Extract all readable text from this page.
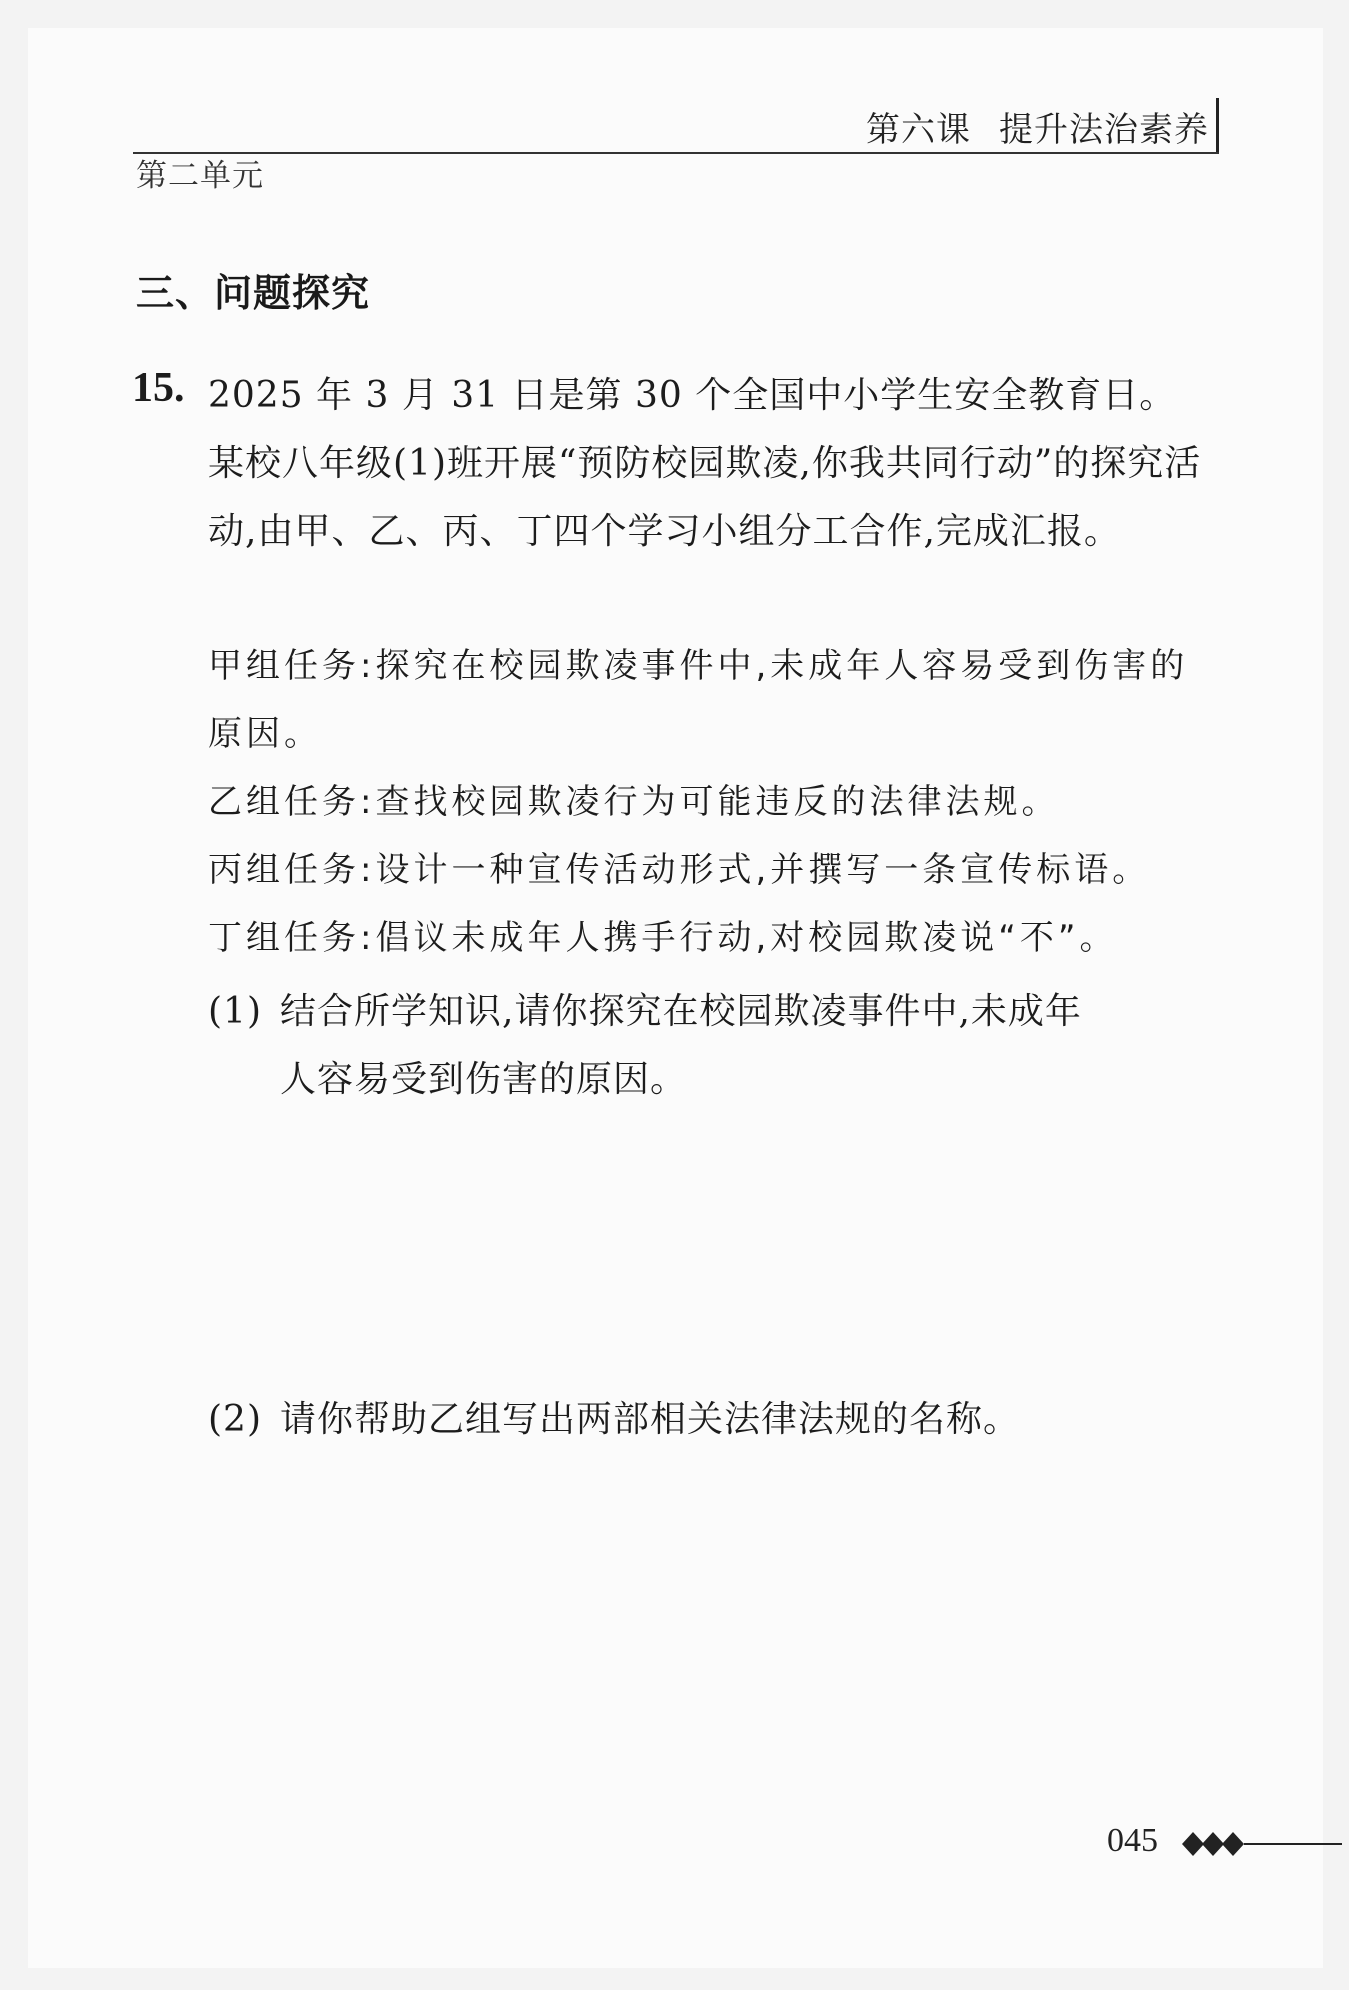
第六课 提升法治素养
第二单元
三、问题探究
15. 2025 年 3 月 31 日是第 30 个全国中小学生安全教育日。某校八年级(1)班开展“预防校园欺凌,你我共同行动”的探究活动,由甲、乙、丙、丁四个学习小组分工合作,完成汇报。
甲组任务:探究在校园欺凌事件中,未成年人容易受到伤害的原因。
乙组任务:查找校园欺凌行为可能违反的法律法规。
丙组任务:设计一种宣传活动形式,并撰写一条宣传标语。
丁组任务:倡议未成年人携手行动,对校园欺凌说“不”。
(1) 结合所学知识,请你探究在校园欺凌事件中,未成年
人容易受到伤害的原因。
(2) 请你帮助乙组写出两部相关法律法规的名称。
045
